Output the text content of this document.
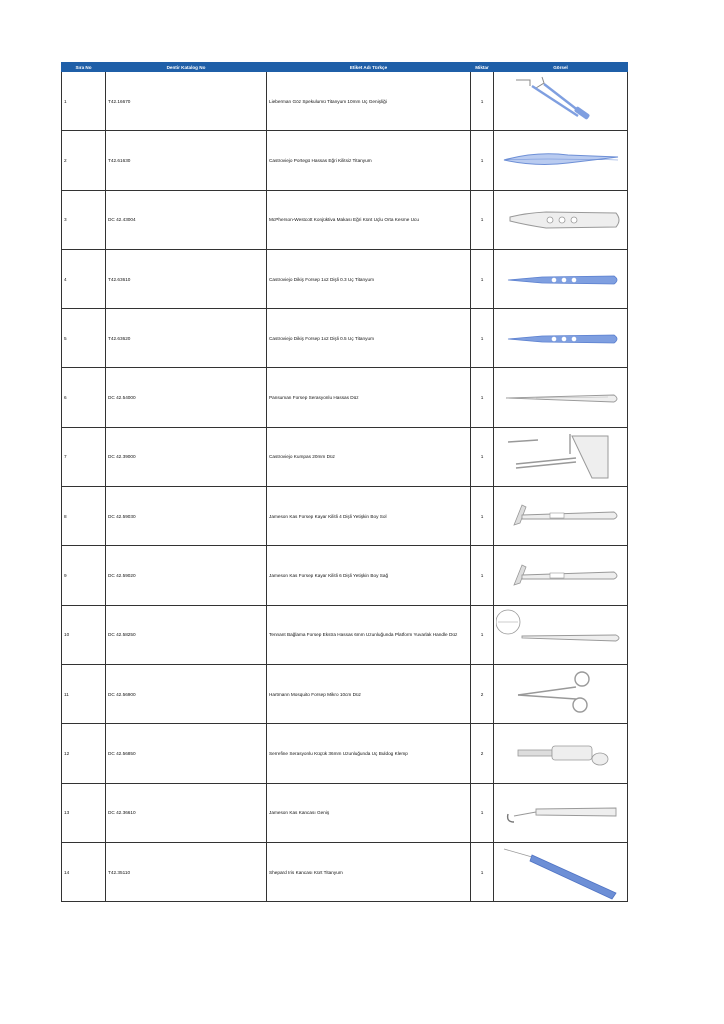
Sıra No	Dentir Katalog No	Etiket Adı Türkçe	Miktar	Görsel
1	T42.16670	Lieberman Göz Spekulumü Titanyum 10mm Uç Genişliği	1	

2	T42.61630	Castroviejo Portegü Hassas Eğri Kilitsiz Titanyum	1	

3	DC 42.43004	McPherson-Westcott Konjüktiva Makası Eğri Künt Uçlu Orta Kesme Ucu	1	

4	T42.63610	Castroviejo Dikiş Forsep 1x2 Dişli 0.3 Uç Titanyum	1	

5	T42.63620	Castroviejo Dikiş Forsep 1x2 Dişli 0.5 Uç Titanyum	1	

6	DC 42.54000	Pansuman Forsep Serasyonlu Hassas Düz	1	

7	DC 42.39000	Castroviejo Kumpas 20mm Düz	1	

8	DC 42.59030	Jameson Kas Forsep Kayar Kilitli 4 Dişli Yetişkin Boy Sol	1	

9	DC 42.59020	Jameson Kas Forsep Kayar Kilitli 6 Dişli Yetişkin Boy Sağ	1	

10	DC 42.58250	Tennant Bağlama Forsep Ekstra Hassas 6mm Uzunluğunda Platform Yuvarlak Handle Düz	1	

11	DC 42.56900	Hartmann Mosquito Forsep Mikro 10cm Düz	2	

12	DC 42.56850	Serrefine Serasyonlu Küçük 36mm Uzunluğunda Uç Buldog Klemp	2	

13	DC 42.36610	Jameson Kas Kancası Geniş	1	

14	T42.35110	Shepard Iris Kancası Kürt Titanyum	1	
